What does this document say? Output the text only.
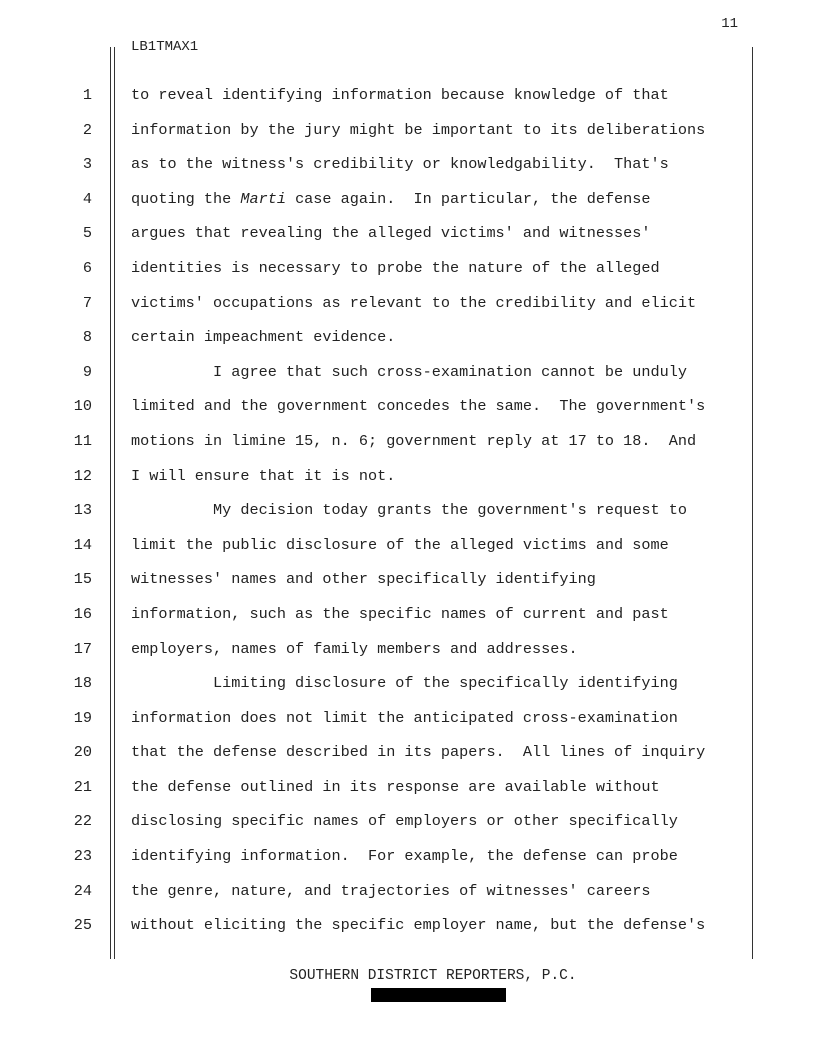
11
LB1TMAX1
1	to reveal identifying information because knowledge of that
2	information by the jury might be important to its deliberations
3	as to the witness's credibility or knowledgability.  That's
4	quoting the Marti case again.  In particular, the defense
5	argues that revealing the alleged victims' and witnesses'
6	identities is necessary to probe the nature of the alleged
7	victims' occupations as relevant to the credibility and elicit
8	certain impeachment evidence.
9	I agree that such cross-examination cannot be unduly
10	limited and the government concedes the same.  The government's
11	motions in limine 15, n. 6; government reply at 17 to 18.  And
12	I will ensure that it is not.
13	My decision today grants the government's request to
14	limit the public disclosure of the alleged victims and some
15	witnesses' names and other specifically identifying
16	information, such as the specific names of current and past
17	employers, names of family members and addresses.
18	Limiting disclosure of the specifically identifying
19	information does not limit the anticipated cross-examination
20	that the defense described in its papers.  All lines of inquiry
21	the defense outlined in its response are available without
22	disclosing specific names of employers or other specifically
23	identifying information.  For example, the defense can probe
24	the genre, nature, and trajectories of witnesses' careers
25	without eliciting the specific employer name, but the defense's
SOUTHERN DISTRICT REPORTERS, P.C.
